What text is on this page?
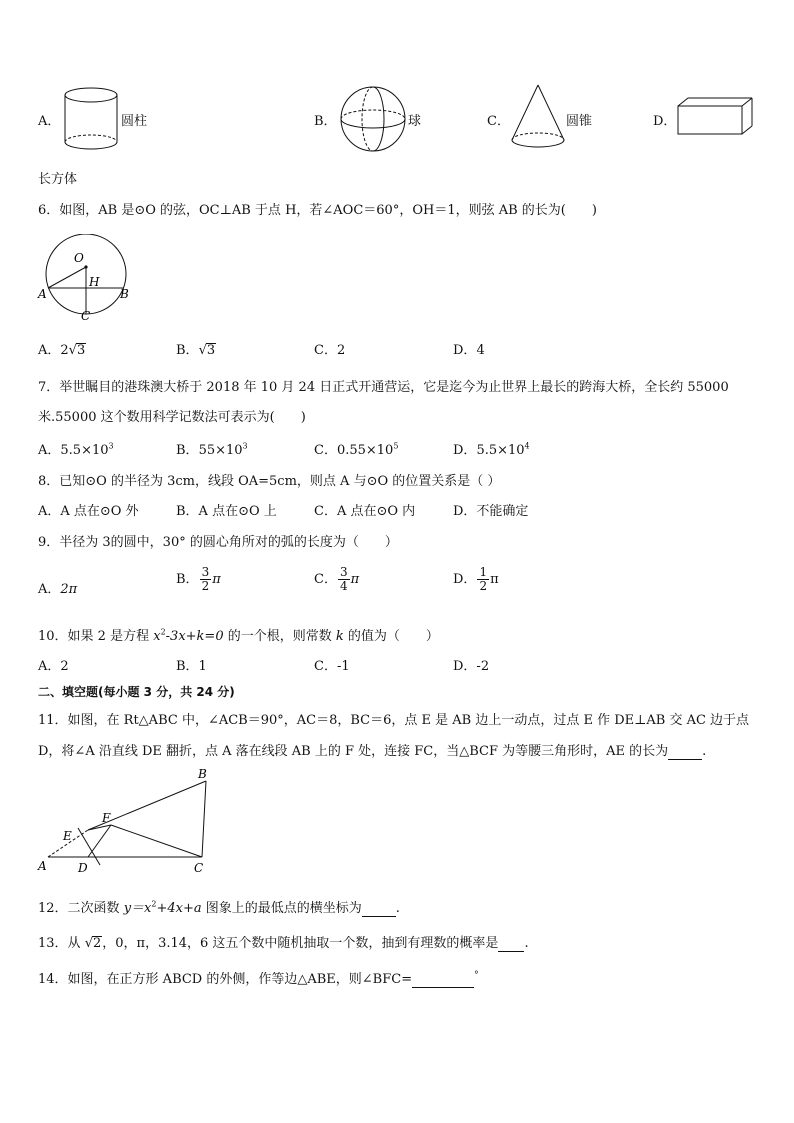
A．	圆柱	B．	球	C．	圆锥	D．
长方体
6．如图，AB 是⊙O 的弦，OC⊥AB 于点 H，若∠AOC＝60°，OH＝1，则弦 AB 的长为(　　)
O
H
A	B
C
A．2√3	B．√3	C．2	D．4
7．举世瞩目的港珠澳大桥于 2018 年 10 月 24 日正式开通营运，它是迄今为止世界上最长的跨海大桥，全长约 55000
米.55000 这个数用科学记数法可表示为(　　)
A．$5.5\times 10^3$	B．$55\times 10^3$	C．$0.55\times 10^5$	D．$5.5\times 10^4$
8．已知⊙O 的半径为 3cm，线段 OA=5cm，则点 A 与⊙O 的位置关系是（ ）
A．A 点在⊙O 外	B．A 点在⊙O 上	C．A 点在⊙O 内	D．不能确定
9．半径为 3的圆中，30° 的圆心角所对的弧的长度为（　　）
A．2π
B． $\frac{3}{2}$ π	C． $\frac{3}{4}$ π	D． $\frac{1}{2}$ π
10．如果 2 是方程 $x^2-3x+k=0$ 的一个根，则常数 k 的值为（　　）
A．2	B．1	C．-1	D．-2
二、填空题(每小题 3 分，共 24 分)
11．如图，在 Rt△ABC 中，∠ACB＝90°，AC＝8，BC＝6，点 E 是 AB 边上一动点，过点 E 作 DE⊥AB 交 AC 边于点
D，将∠A 沿直线 DE 翻折，点 A 落在线段 AB 上的 F 处，连接 FC，当△BCF 为等腰三角形时，AE 的长为	.
B
F
E
A	D	C
12．二次函数 $y=x^2+4x+a$ 图象上的最低点的横坐标为	.
13．从 √2，0，π，3.14，6 这五个数中随机抽取一个数，抽到有理数的概率是 .
14．如图，在正方形 ABCD 的外侧，作等边△ABE，则∠BFC=	°
